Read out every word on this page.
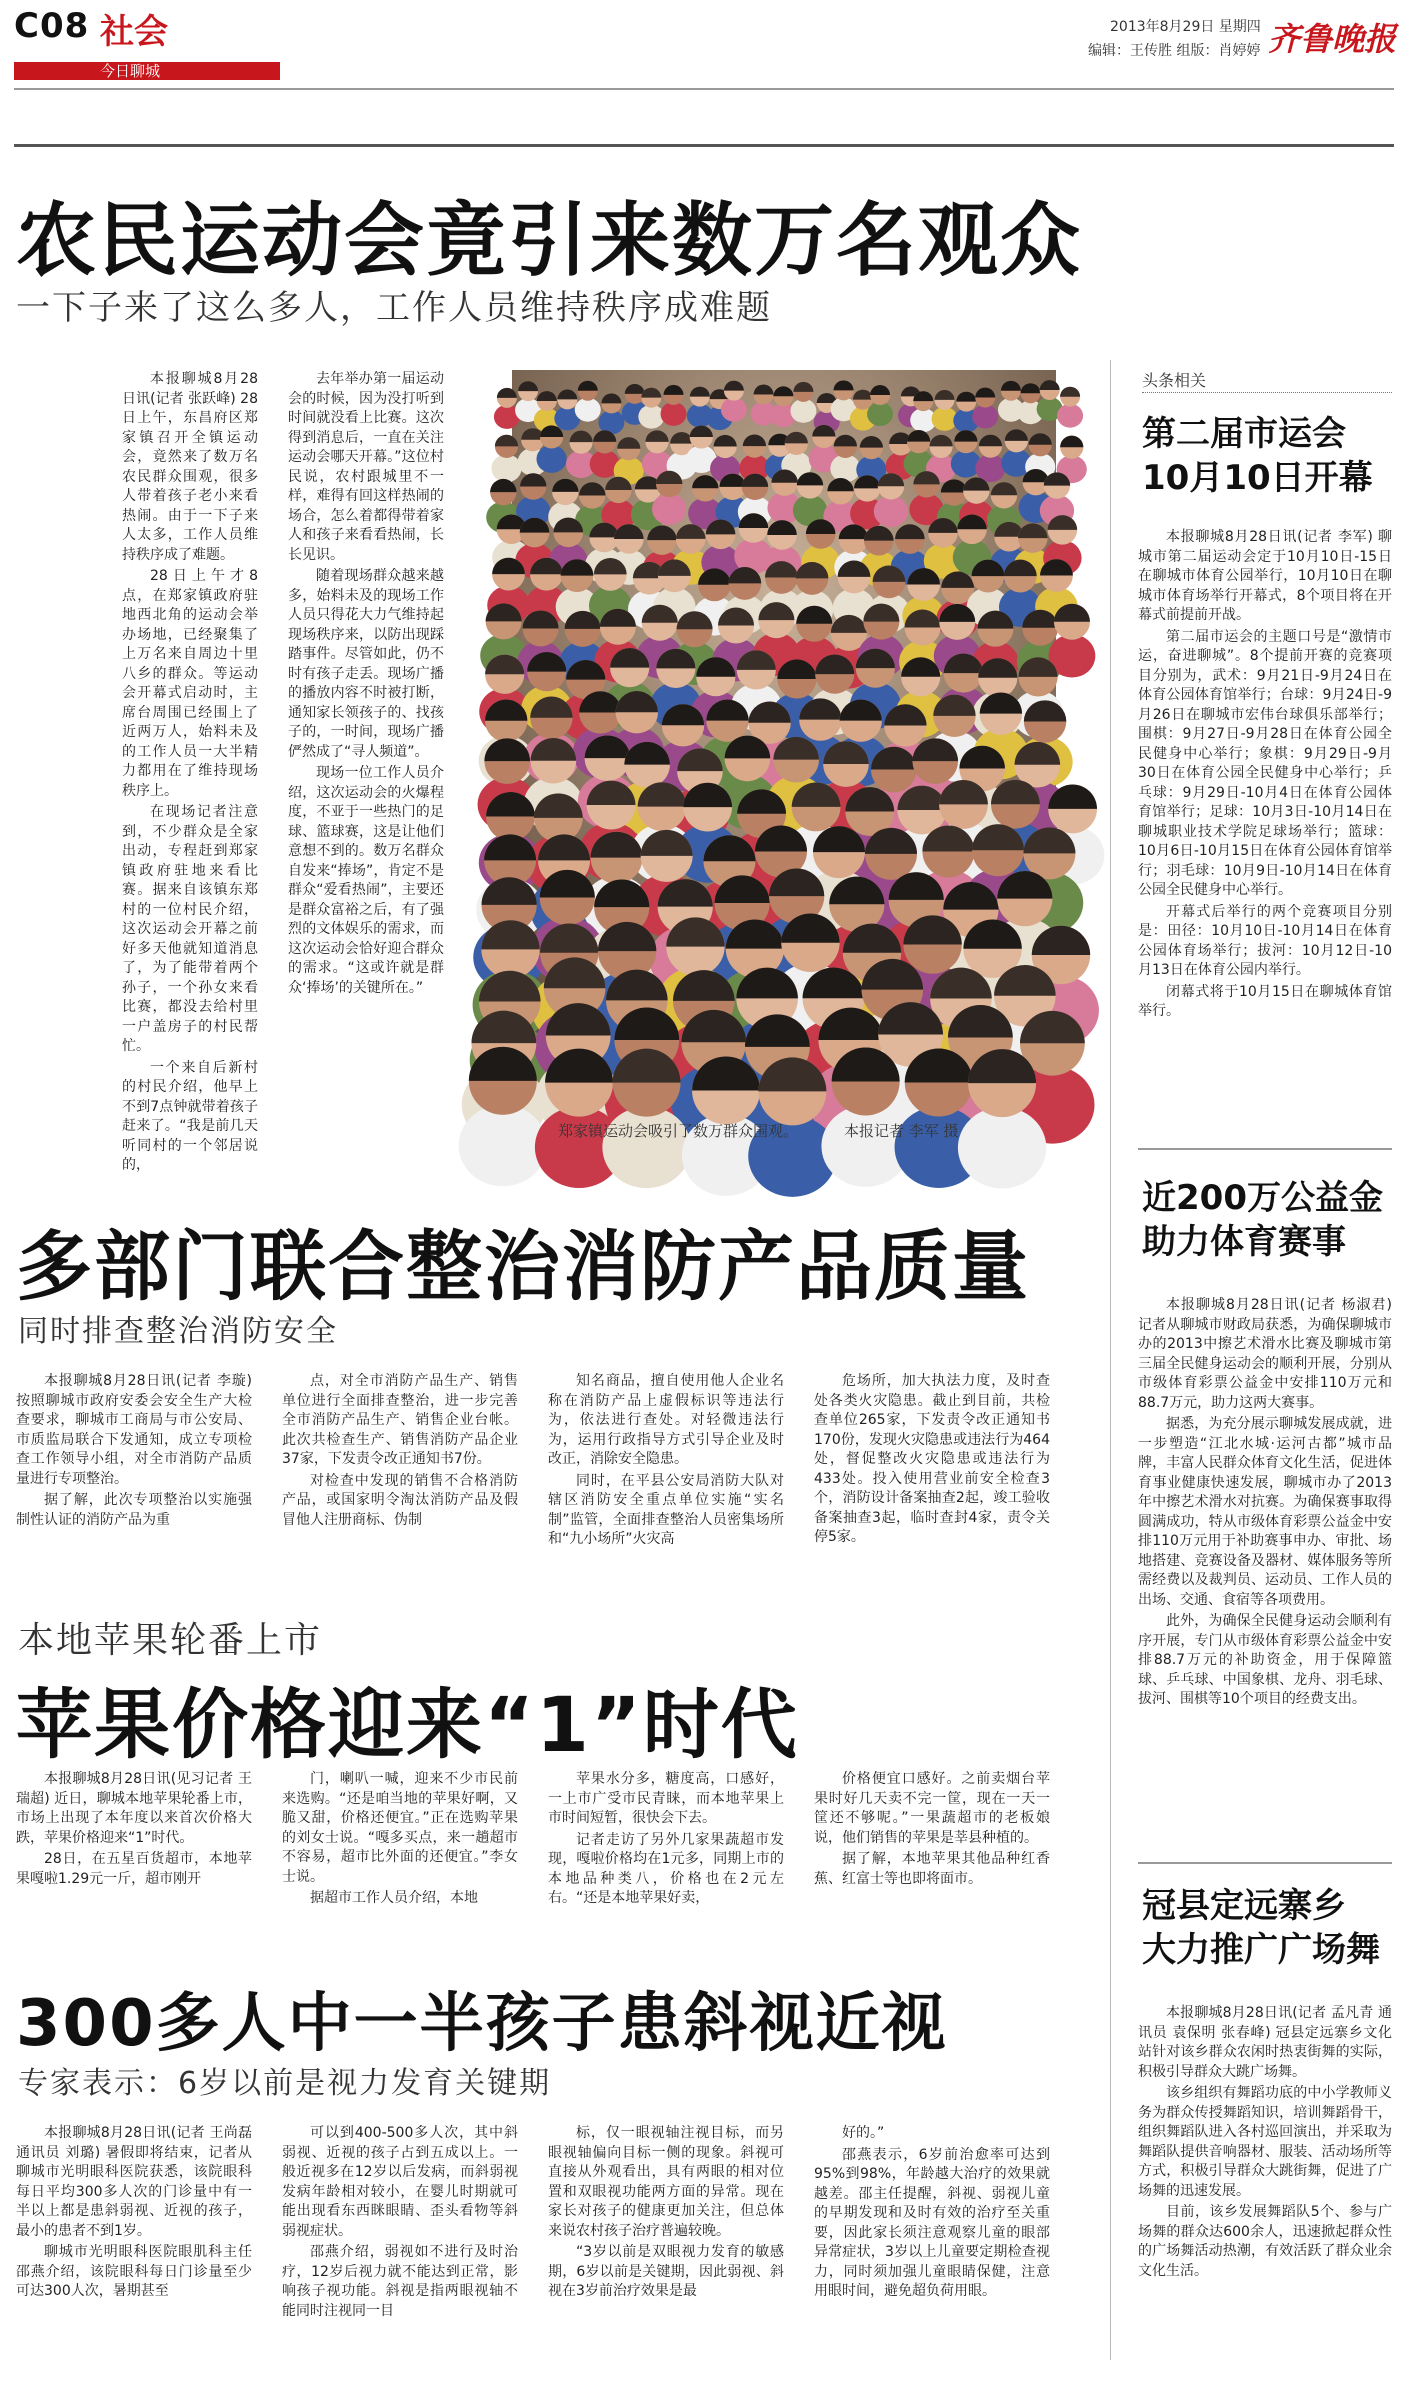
C08 社会
今日聊城
2013年8月29日 星期四
编辑：王传胜 组版：肖婷婷 齐鲁晚报
农民运动会竟引来数万名观众
一下子来了这么多人，工作人员维持秩序成难题

本报聊城8月28日讯(记者 张跃峰) 28日上午，东昌府区郑家镇召开全镇运动会，竟然来了数万名农民群众围观，很多人带着孩子老小来看热闹。由于一下子来人太多，工作人员维持秩序成了难题。

28日上午才8点，在郑家镇政府驻地西北角的运动会举办场地，已经聚集了上万名来自周边十里八乡的群众。等运动会开幕式启动时，主席台周围已经围上了近两万人，始料未及的工作人员一大半精力都用在了维持现场秩序上。

在现场记者注意到，不少群众是全家出动，专程赶到郑家镇政府驻地来看比赛。据来自该镇东郑村的一位村民介绍，这次运动会开幕之前好多天他就知道消息了，为了能带着两个孙子，一个孙女来看比赛，都没去给村里一户盖房子的村民帮忙。

一个来自后新村的村民介绍，他早上不到7点钟就带着孩子赶来了。“我是前几天听同村的一个邻居说的，

去年举办第一届运动会的时候，因为没打听到时间就没看上比赛。这次得到消息后，一直在关注运动会哪天开幕。”这位村民说，农村跟城里不一样，难得有回这样热闹的场合，怎么着都得带着家人和孩子来看看热闹，长长见识。

随着现场群众越来越多，始料未及的现场工作人员只得花大力气维持起现场秩序来，以防出现踩踏事件。尽管如此，仍不时有孩子走丢。现场广播的播放内容不时被打断，通知家长领孩子的、找孩子的，一时间，现场广播俨然成了“寻人频道”。

现场一位工作人员介绍，这次运动会的火爆程度，不亚于一些热门的足球、篮球赛，这是让他们意想不到的。数万名群众自发来“捧场”，肯定不是群众“爱看热闹”，主要还是群众富裕之后，有了强烈的文体娱乐的需求，而这次运动会恰好迎合群众的需求。“这或许就是群众‘捧场’的关键所在。”

郑家镇运动会吸引了数万群众围观。	本报记者 李军 摄
多部门联合整治消防产品质量
同时排查整治消防安全

本报聊城8月28日讯(记者 李璇) 按照聊城市政府安委会安全生产大检查要求，聊城市工商局与市公安局、市质监局联合下发通知，成立专项检查工作领导小组，对全市消防产品质量进行专项整治。

据了解，此次专项整治以实施强制性认证的消防产品为重

点，对全市消防产品生产、销售单位进行全面排查整治，进一步完善全市消防产品生产、销售企业台帐。此次共检查生产、销售消防产品企业37家，下发责令改正通知书7份。

对检查中发现的销售不合格消防产品，或国家明令淘汰消防产品及假冒他人注册商标、伪制

知名商品，擅自使用他人企业名称在消防产品上虚假标识等违法行为，依法进行查处。对轻微违法行为，运用行政指导方式引导企业及时改正，消除安全隐患。

同时，在平县公安局消防大队对辖区消防安全重点单位实施“实名制”监管，全面排查整治人员密集场所和“九小场所”火灾高

危场所，加大执法力度，及时查处各类火灾隐患。截止到目前，共检查单位265家，下发责令改正通知书170份，发现火灾隐患或违法行为464处，督促整改火灾隐患或违法行为433处。投入使用营业前安全检查3个，消防设计备案抽查2起，竣工验收备案抽查3起，临时查封4家，责令关停5家。

本地苹果轮番上市
苹果价格迎来“1”时代

本报聊城8月28日讯(见习记者 王瑞超) 近日，聊城本地苹果轮番上市，市场上出现了本年度以来首次价格大跌，苹果价格迎来“1”时代。

28日，在五星百货超市，本地苹果嘎啦1.29元一斤，超市刚开

门，喇叭一喊，迎来不少市民前来选购。“还是咱当地的苹果好啊，又脆又甜，价格还便宜。”正在选购苹果的刘女士说。“嘎多买点，来一趟超市不容易，超市比外面的还便宜。”李女士说。

据超市工作人员介绍，本地

苹果水分多，糖度高，口感好，一上市广受市民青睐，而本地苹果上市时间短暂，很快会下去。

记者走访了另外几家果蔬超市发现，嘎啦价格均在1元多，同期上市的本地品种类八，价格也在2元左右。“还是本地苹果好卖，

价格便宜口感好。之前卖烟台苹果时好几天卖不完一筐，现在一天一筐还不够呢。”一果蔬超市的老板娘说，他们销售的苹果是莘县种植的。

据了解，本地苹果其他品种红香蕉、红富士等也即将面市。

300多人中一半孩子患斜视近视
专家表示：6岁以前是视力发育关键期

本报聊城8月28日讯(记者 王尚磊 通讯员 刘璐) 暑假即将结束，记者从聊城市光明眼科医院获悉，该院眼科每日平均300多人次的门诊量中有一半以上都是患斜弱视、近视的孩子，最小的患者不到1岁。

聊城市光明眼科医院眼肌科主任邵燕介绍，该院眼科每日门诊量至少可达300人次，暑期甚至

可以到400-500多人次，其中斜弱视、近视的孩子占到五成以上。一般近视多在12岁以后发病，而斜弱视发病年龄相对较小，在婴儿时期就可能出现看东西眯眼睛、歪头看物等斜弱视症状。

邵燕介绍，弱视如不进行及时治疗，12岁后视力就不能达到正常，影响孩子视功能。斜视是指两眼视轴不能同时注视同一目

标，仅一眼视轴注视目标，而另眼视轴偏向目标一侧的现象。斜视可直接从外观看出，具有两眼的相对位置和双眼视功能两方面的异常。现在家长对孩子的健康更加关注，但总体来说农村孩子治疗普遍较晚。

“3岁以前是双眼视力发育的敏感期，6岁以前是关键期，因此弱视、斜视在3岁前治疗效果是最

好的。”

邵燕表示，6岁前治愈率可达到95%到98%，年龄越大治疗的效果就越差。邵主任提醒，斜视、弱视儿童的早期发现和及时有效的治疗至关重要，因此家长须注意观察儿童的眼部异常症状，3岁以上儿童要定期检查视力，同时须加强儿童眼睛保健，注意用眼时间，避免超负荷用眼。

头条相关
第二届市运会
10月10日开幕

本报聊城8月28日讯(记者 李军) 聊城市第二届运动会定于10月10日-15日在聊城市体育公园举行，10月10日在聊城市体育场举行开幕式，8个项目将在开幕式前提前开战。

第二届市运会的主题口号是“激情市运，奋进聊城”。8个提前开赛的竞赛项目分别为，武术：9月21日-9月24日在体育公园体育馆举行；台球：9月24日-9月26日在聊城市宏伟台球俱乐部举行；围棋：9月27日-9月28日在体育公园全民健身中心举行；象棋：9月29日-9月30日在体育公园全民健身中心举行；乒乓球：9月29日-10月4日在体育公园体育馆举行；足球：10月3日-10月14日在聊城职业技术学院足球场举行；篮球：10月6日-10月15日在体育公园体育馆举行；羽毛球：10月9日-10月14日在体育公园全民健身中心举行。

开幕式后举行的两个竞赛项目分别是：田径：10月10日-10月14日在体育公园体育场举行；拔河：10月12日-10月13日在体育公园内举行。

闭幕式将于10月15日在聊城体育馆举行。

近200万公益金
助力体育赛事

本报聊城8月28日讯(记者 杨淑君) 记者从聊城市财政局获悉，为确保聊城市办的2013中擦艺术滑水比赛及聊城市第三届全民健身运动会的顺利开展，分别从市级体育彩票公益金中安排110万元和88.7万元，助力这两大赛事。

据悉，为充分展示聊城发展成就，进一步塑造“江北水城·运河古都”城市品牌，丰富人民群众体育文化生活，促进体育事业健康快速发展，聊城市办了2013年中擦艺术滑水对抗赛。为确保赛事取得圆满成功，特从市级体育彩票公益金中安排110万元用于补助赛事申办、审批、场地搭建、竞赛设备及器材、媒体服务等所需经费以及裁判员、运动员、工作人员的出场、交通、食宿等各项费用。

此外，为确保全民健身运动会顺利有序开展，专门从市级体育彩票公益金中安排88.7万元的补助资金，用于保障篮球、乒乓球、中国象棋、龙舟、羽毛球、拔河、围棋等10个项目的经费支出。

冠县定远寨乡
大力推广广场舞

本报聊城8月28日讯(记者 孟凡青 通讯员 袁保明 张春峰) 冠县定远寨乡文化站针对该乡群众农闲时热衷街舞的实际，积极引导群众大跳广场舞。

该乡组织有舞蹈功底的中小学教师义务为群众传授舞蹈知识，培训舞蹈骨干，组织舞蹈队进入各村巡回演出，并采取为舞蹈队提供音响器材、服装、活动场所等方式，积极引导群众大跳街舞，促进了广场舞的迅速发展。

目前，该乡发展舞蹈队5个、参与广场舞的群众达600余人，迅速掀起群众性的广场舞活动热潮，有效活跃了群众业余文化生活。
